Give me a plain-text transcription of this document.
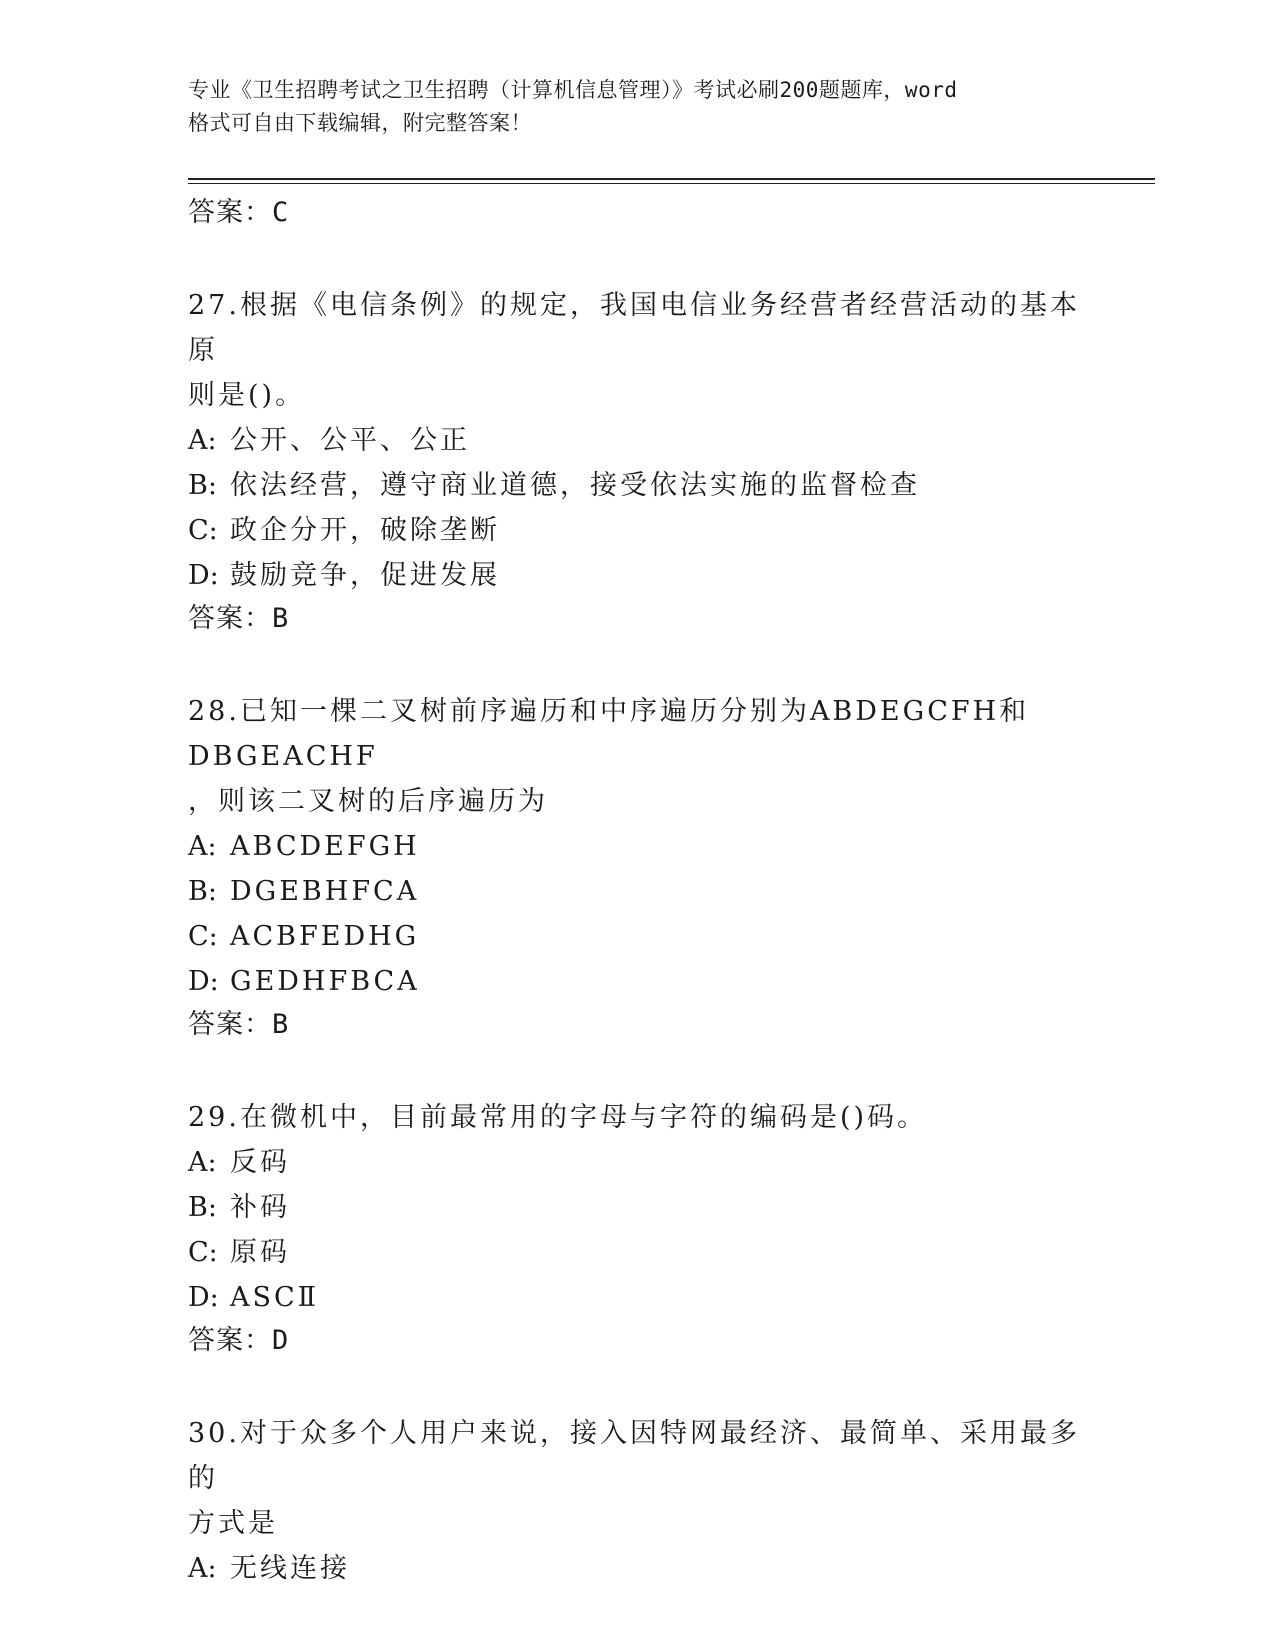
专业《卫生招聘考试之卫生招聘（计算机信息管理）》考试必刷200题题库，word
格式可自由下载编辑，附完整答案！

答案：C

27.根据《电信条例》的规定，我国电信业务经营者经营活动的基本原

则是()。

A: 公开、公平、公正

B: 依法经营，遵守商业道德，接受依法实施的监督检查

C: 政企分开，破除垄断

D: 鼓励竞争，促进发展

答案：B

28.已知一棵二叉树前序遍历和中序遍历分别为ABDEGCFH和DBGEACHF

，则该二叉树的后序遍历为

A: ABCDEFGH

B: DGEBHFCA

C: ACBFEDHG

D: GEDHFBCA

答案：B

29.在微机中，目前最常用的字母与字符的编码是()码。

A: 反码

B: 补码

C: 原码

D: ASCⅡ

答案：D

30.对于众多个人用户来说，接入因特网最经济、最简单、采用最多的

方式是

A: 无线连接
